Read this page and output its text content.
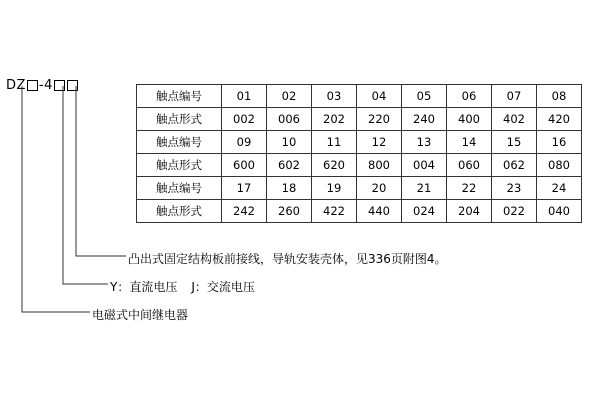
DZ -4
触点编号	01	02	03	04	05	06	07	08
触点形式	002	006	202	220	240	400	402	420
触点编号	09	10	11	12	13	14	15	16
触点形式	600	602	620	800	004	060	062	080
触点编号	17	18	19	20	21	22	23	24
触点形式	242	260	422	440	024	204	022	040
凸出式固定结构板前接线，导轨安装壳体，见336页附图4。
Y：直流电压 J：交流电压
电磁式中间继电器
